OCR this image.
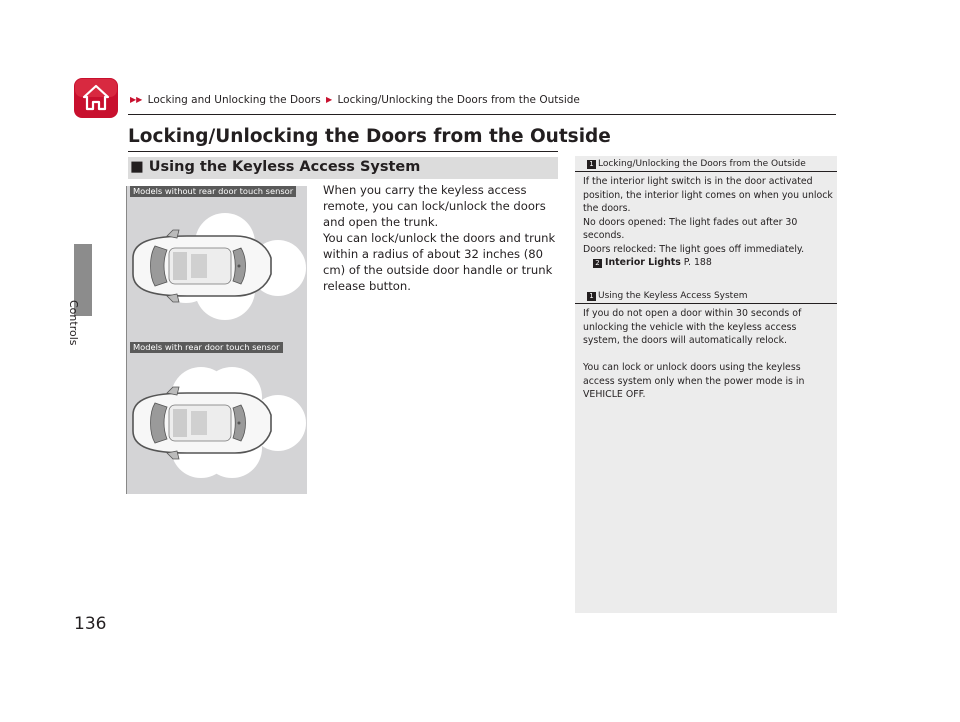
▶▶ Locking and Unlocking the Doors ▶ Locking/Unlocking the Doors from the Outside
Controls
136
Locking/Unlocking the Doors from the Outside
■ Using the Keyless Access System

When you carry the keyless access remote, you can lock/unlock the doors and open the trunk.

You can lock/unlock the doors and trunk within a radius of about 32 inches (80 cm) of the outside door handle or trunk release button.

Models without rear door touch sensor
Models with rear door touch sensor
1 Locking/Unlocking the Doors from the Outside

If the interior light switch is in the door activated position, the interior light comes on when you unlock the doors.

No doors opened: The light fades out after 30 seconds.

Doors relocked: The light goes off immediately.

2 Interior Lights P. 188

1 Using the Keyless Access System

If you do not open a door within 30 seconds of unlocking the vehicle with the keyless access system, the doors will automatically relock.

You can lock or unlock doors using the keyless access system only when the power mode is in VEHICLE OFF.
